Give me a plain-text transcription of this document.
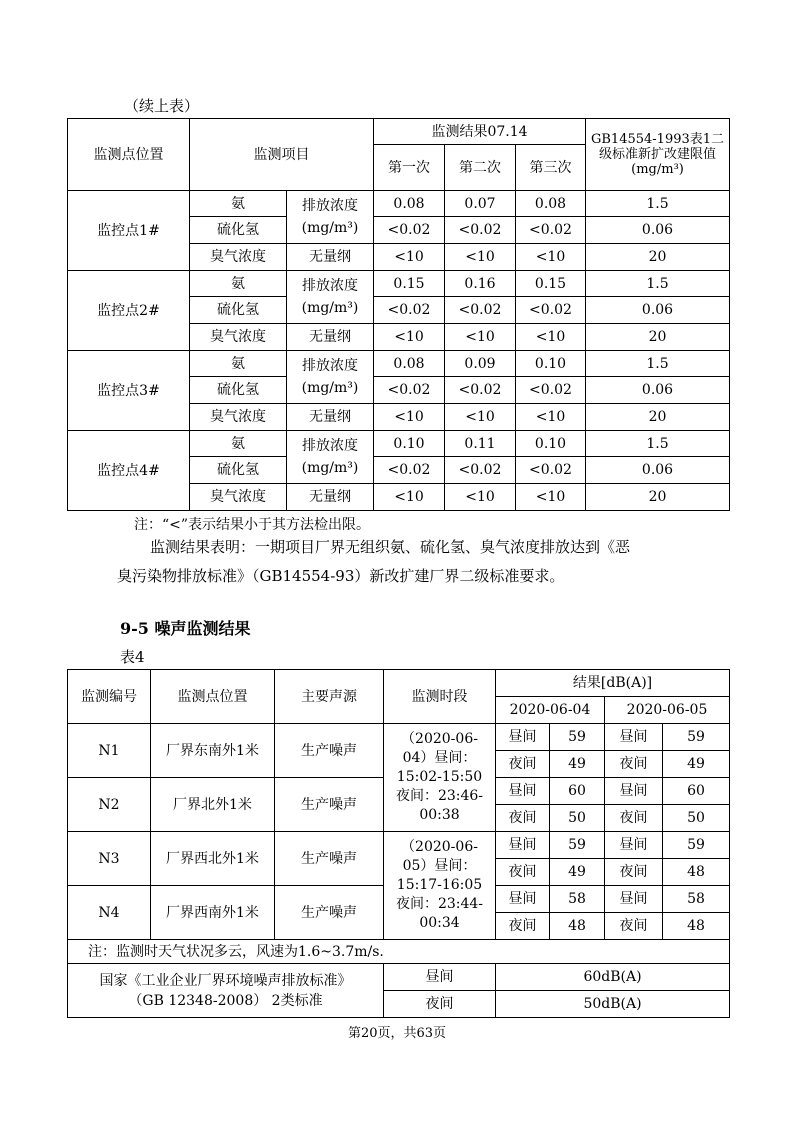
（续上表）
监测点位置	监测项目		监测结果07.14			GB14554-1993表1二级标准新扩改建限值(mg/m³)
			第一次	第二次	第三次	
监控点1#	氨	排放浓度(mg/m³)	0.08	0.07	0.08	1.5
	硫化氢		<0.02	<0.02	<0.02	0.06
	臭气浓度	无量纲	<10	<10	<10	20
监控点2#	氨	排放浓度(mg/m³)	0.15	0.16	0.15	1.5
	硫化氢		<0.02	<0.02	<0.02	0.06
	臭气浓度	无量纲	<10	<10	<10	20
监控点3#	氨	排放浓度(mg/m³)	0.08	0.09	0.10	1.5
	硫化氢		<0.02	<0.02	<0.02	0.06
	臭气浓度	无量纲	<10	<10	<10	20
监控点4#	氨	排放浓度(mg/m³)	0.10	0.11	0.10	1.5
	硫化氢		<0.02	<0.02	<0.02	0.06
	臭气浓度	无量纲	<10	<10	<10	20
注：“<”表示结果小于其方法检出限。
监测结果表明：一期项目厂界无组织氨、硫化氢、臭气浓度排放达到《恶
臭污染物排放标准》（GB14554-93）新改扩建厂界二级标准要求。
9-5 噪声监测结果
表4
监测编号	监测点位置	主要声源	监测时段	结果[dB(A)]			
				2020-06-04		2020-06-05	
N1	厂界东南外1米	生产噪声	（2020-06-04）昼间：15:02-15:50 夜间：23:46-00:38	昼间	59	昼间	59
				夜间	49	夜间	49
N2	厂界北外1米	生产噪声		昼间	60	昼间	60
				夜间	50	夜间	50
N3	厂界西北外1米	生产噪声	（2020-06-05）昼间：15:17-16:05 夜间：23:44-00:34	昼间	59	昼间	59
				夜间	49	夜间	48
N4	厂界西南外1米	生产噪声		昼间	58	昼间	58
				夜间	48	夜间	48
注：监测时天气状况多云，风速为1.6~3.7m/s.							
国家《工业企业厂界环境噪声排放标准》
（GB 12348-2008） 2类标准			昼间	60dB(A)			
			夜间	50dB(A)			
第20页，共63页
